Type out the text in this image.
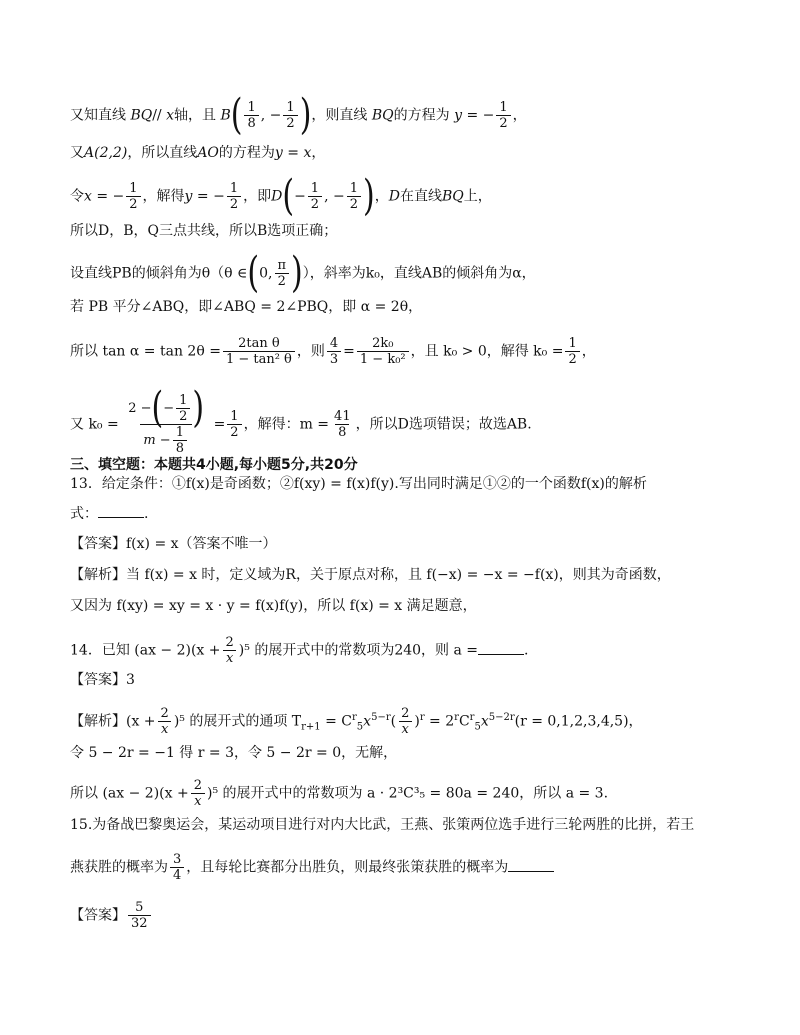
又知直线 BQ// x轴，且 $B( \frac{1}{8}$ , − $\frac{1}{2}$ )，则直线 BQ的方程为 y = − $\frac{1}{2}$ ，
又A(2,2)，所以直线AO的方程为y = x，
令x = − $\frac{1}{2}$ ，解得y = − $\frac{1}{2}$ ，即$D(- \frac{1}{2}$ , − $\frac{1}{2}$ )，D在直线BQ上，
所以D，B，Q三点共线，所以B选项正确；
设直线PB的倾斜角为θ（θ ∈(0, $\frac{\pi}{2}$ )），斜率为k₀，直线AB的倾斜角为α，
若 PB 平分∠ABQ，即∠ABQ = 2∠PBQ，即 α = 2θ，
所以 $\tan \alpha = \tan 2\theta = \frac{\text{2tan θ}}{\text{1 − tan² θ}}$ ，则 $\frac{4}{3} = \frac{\text{2k₀}}{\text{1 − k₀²}}$ ，且 k₀ > 0，解得 $k_0 = \frac{1}{2}$ ，
又 $k_0 = \frac{2 -(- \frac{1}{2} )}{m - \frac{1}{8}} = \frac{1}{2}$ ，解得：$m = \frac{41}{8}$ ，所以D选项错误；故选AB.
三、填空题：本题共4小题,每小题5分,共20分
13．给定条件：①f(x)是奇函数；②f(xy) = f(x)f(y).写出同时满足①②的一个函数f(x)的解析
式：	.
【答案】f(x) = x（答案不唯一）
【解析】当 f(x) = x 时，定义域为R，关于原点对称，且 f(−x) = −x = −f(x)，则其为奇函数，
又因为 f(xy) = xy = x · y = f(x)f(y)，所以 f(x) = x 满足题意，
14．已知 $(ax - 2)(x + \frac{2}{x} )^5$ 的展开式中的常数项为240，则 a =	.
【答案】3
【解析】$(x + \frac{2}{x} )^5$ 的展开式的通项 $T_{r+1} = C^r_5x^{5-r}( \frac{2}{x} )^r = 2^rC^r_5x^{5-2r}(r = 0,1,2,3,4,5)$，
令 5 − 2r = −1 得 r = 3，令 5 − 2r = 0，无解，
所以 $(ax - 2)(x + \frac{2}{x} )^5$ 的展开式中的常数项为 a · 2³C³₅ = 80a = 240，所以 a = 3.
15.为备战巴黎奥运会，某运动项目进行对内大比武，王燕、张策两位选手进行三轮两胜的比拼，若王
燕获胜的概率为 $\frac{3}{4}$ ，且每轮比赛都分出胜负，则最终张策获胜的概率为
【答案】 $\frac{5}{32}$
